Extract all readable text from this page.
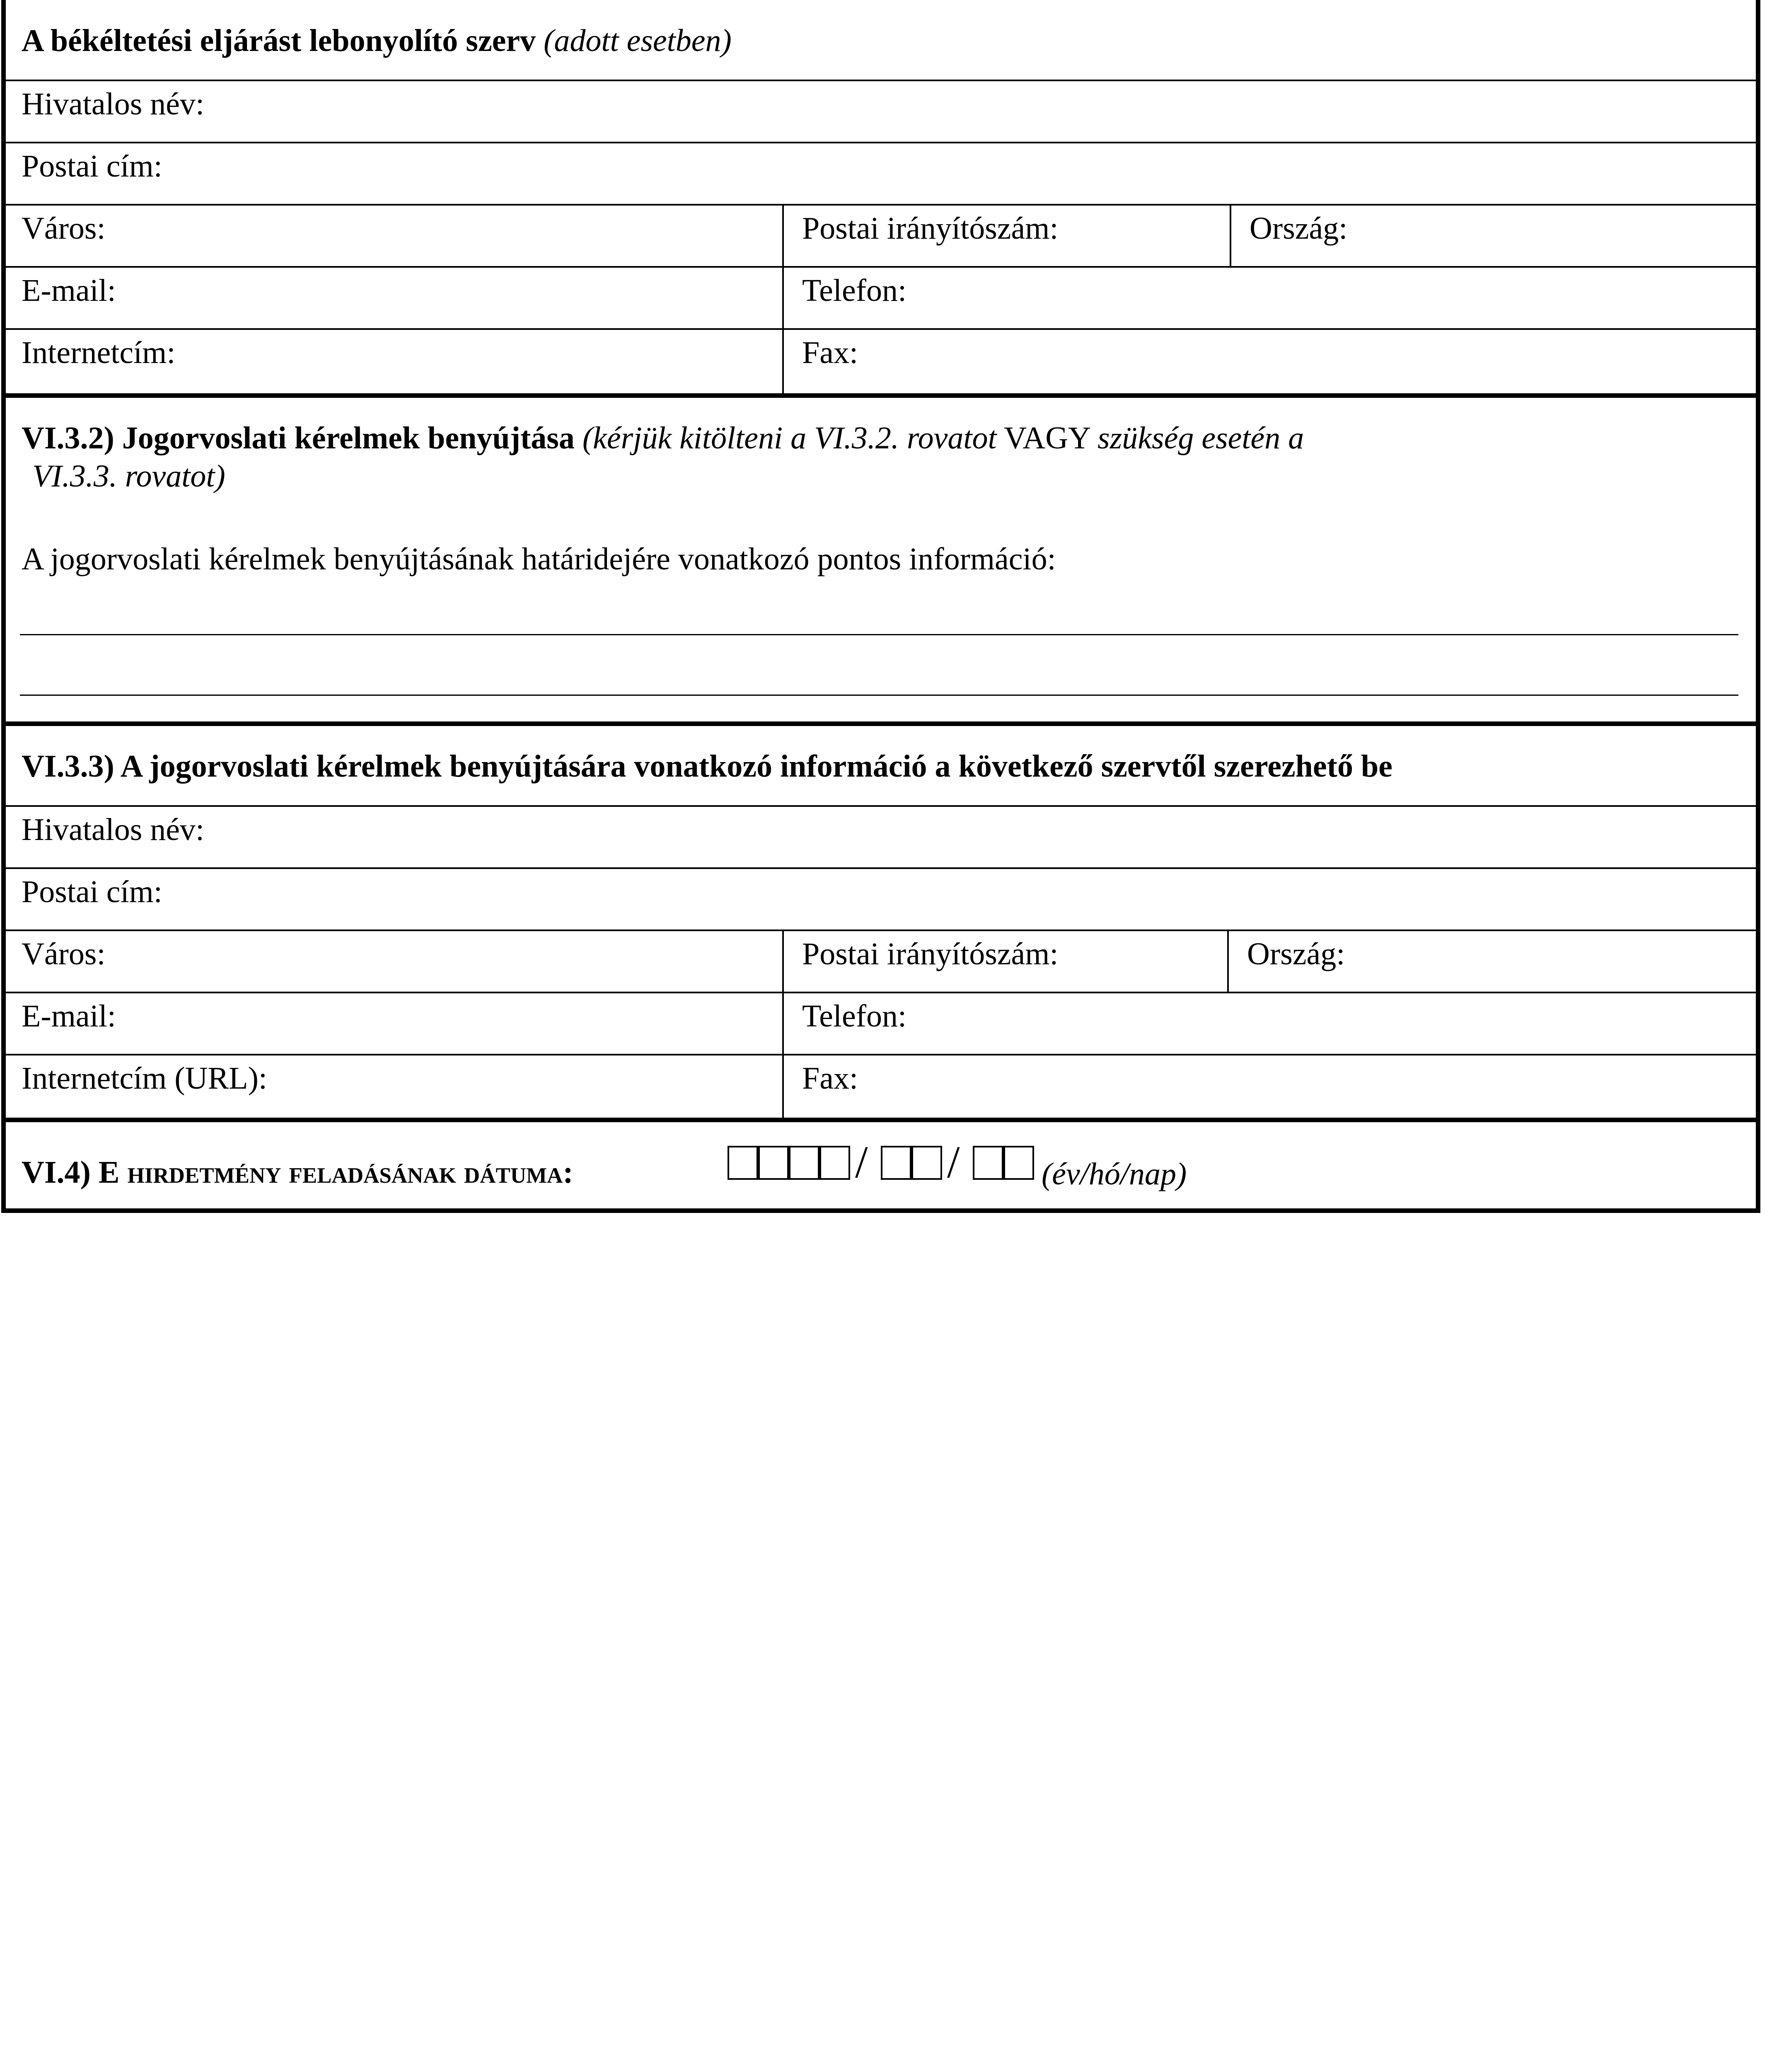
A békéltetési eljárást lebonyolító szerv (adott esetben)
Hivatalos név:
Postai cím:
Város:	Postai irányítószám:	Ország:
E-mail:	Telefon:
Internetcím:	Fax:
VI.3.2) Jogorvoslati kérelmek benyújtása (kérjük kitölteni a VI.3.2. rovatot VAGY szükség esetén a
VI.3.3. rovatot)
A jogorvoslati kérelmek benyújtásának határidejére vonatkozó pontos információ:
VI.3.3) A jogorvoslati kérelmek benyújtására vonatkozó információ a következő szervtől szerezhető be
Hivatalos név:
Postai cím:
Város:	Postai irányítószám:	Ország:
E-mail:	Telefon:
Internetcím (URL):	Fax:
VI.4) E hirdetmény feladásának dátuma:	/ /	(év/hó/nap)
